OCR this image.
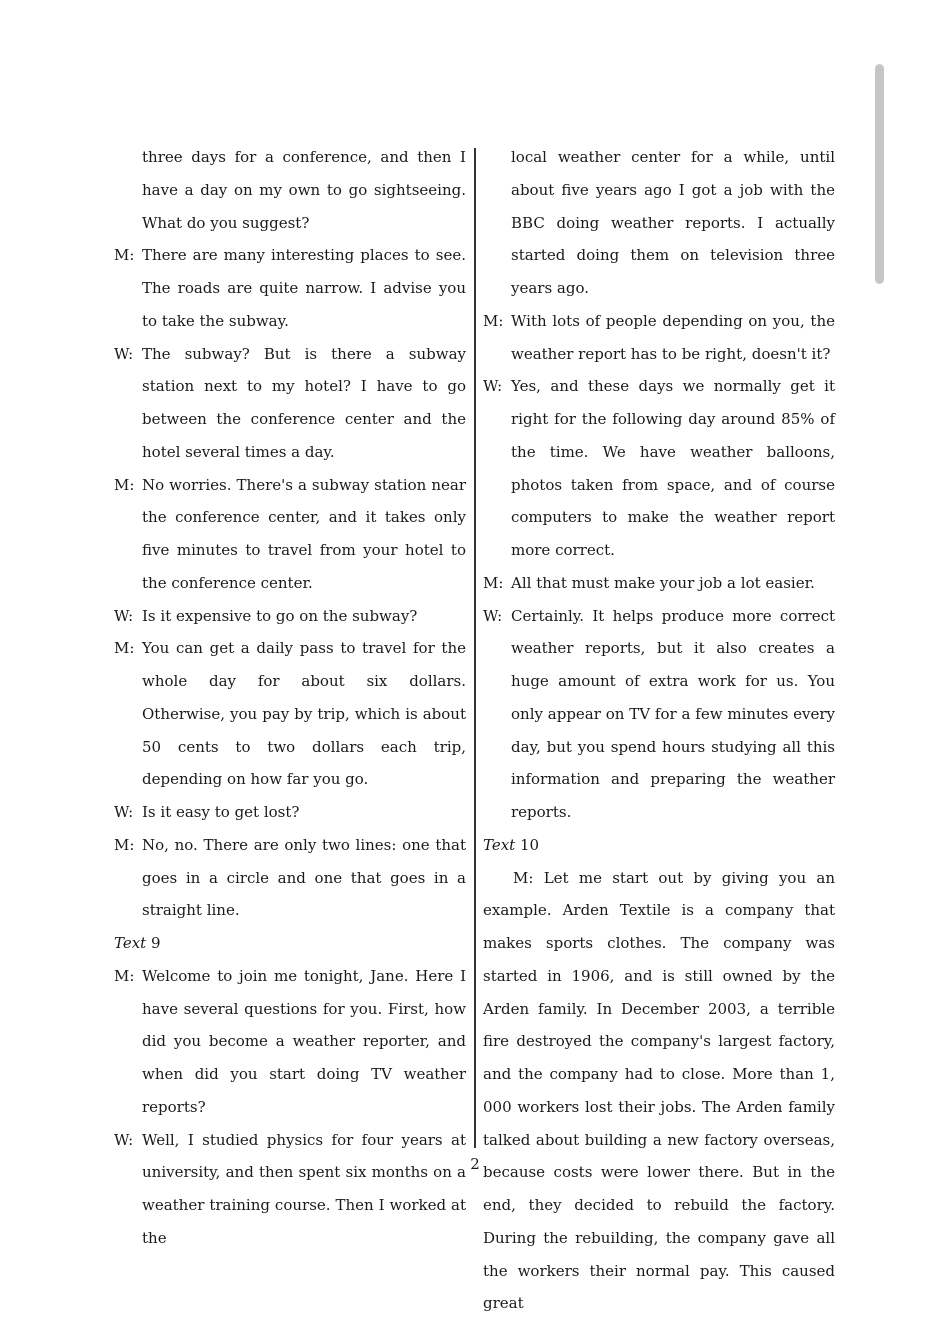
three days for a conference, and then I have a day on my own to go sightseeing. What do you suggest?
M: There are many interesting places to see. The roads are quite narrow. I advise you to take the subway.
W: The subway? But is there a subway station next to my hotel? I have to go between the conference center and the hotel several times a day.
M: No worries. There's a subway station near the conference center, and it takes only five minutes to travel from your hotel to the conference center.
W: Is it expensive to go on the subway?
M: You can get a daily pass to travel for the whole day for about six dollars. Otherwise, you pay by trip, which is about 50 cents to two dollars each trip, depending on how far you go.
W: Is it easy to get lost?
M: No, no. There are only two lines: one that goes in a circle and one that goes in a straight line.
Text 9
M: Welcome to join me tonight, Jane. Here I have several questions for you. First, how did you become a weather reporter, and when did you start doing TV weather reports?
W: Well, I studied physics for four years at university, and then spent six months on a weather training course. Then I worked at the
local weather center for a while, until about five years ago I got a job with the BBC doing weather reports. I actually started doing them on television three years ago.
M: With lots of people depending on you, the weather report has to be right, doesn't it?
W: Yes, and these days we normally get it right for the following day around 85% of the time. We have weather balloons, photos taken from space, and of course computers to make the weather report more correct.
M: All that must make your job a lot easier.
W: Certainly. It helps produce more correct weather reports, but it also creates a huge amount of extra work for us. You only appear on TV for a few minutes every day, but you spend hours studying all this information and preparing the weather reports.
Text 10
M: Let me start out by giving you an example. Arden Textile is a company that makes sports clothes. The company was started in 1906, and is still owned by the Arden family. In December 2003, a terrible fire destroyed the company's largest factory, and the company had to close. More than 1, 000 workers lost their jobs. The Arden family talked about building a new factory overseas, because costs were lower there. But in the end, they decided to rebuild the factory. During the rebuilding, the company gave all the workers their normal pay. This caused great
2
